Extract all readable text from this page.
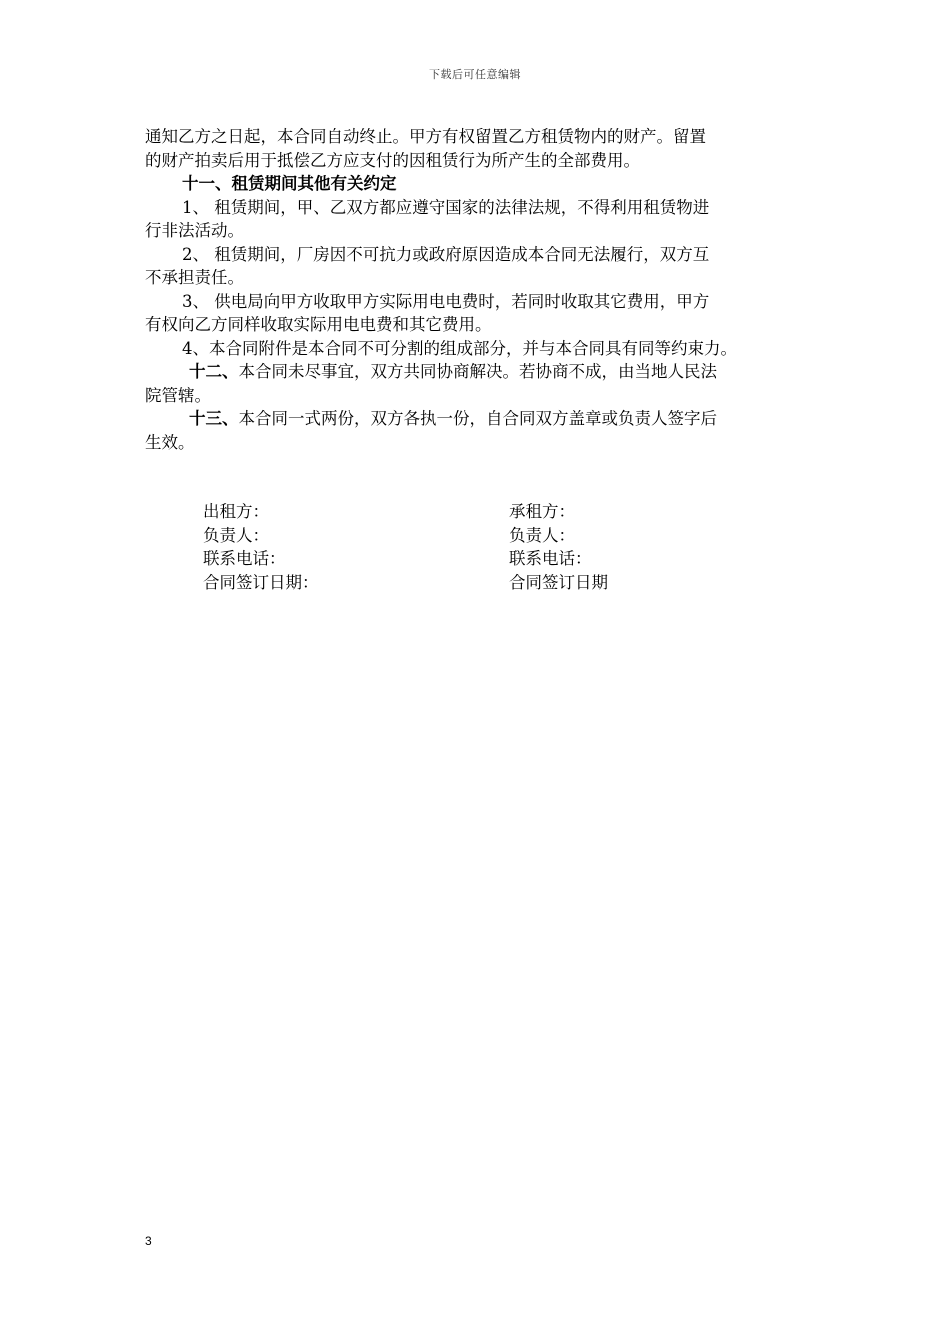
下载后可任意编辑

通知乙方之日起，本合同自动终止。甲方有权留置乙方租赁物内的财产。留置

的财产拍卖后用于抵偿乙方应支付的因租赁行为所产生的全部费用。

十一、租赁期间其他有关约定

1、 租赁期间，甲、乙双方都应遵守国家的法律法规，不得利用租赁物进

行非法活动。

2、 租赁期间，厂房因不可抗力或政府原因造成本合同无法履行，双方互

不承担责任。

3、 供电局向甲方收取甲方实际用电电费时，若同时收取其它费用，甲方

有权向乙方同样收取实际用电电费和其它费用。

4、本合同附件是本合同不可分割的组成部分，并与本合同具有同等约束力。

十二、本合同未尽事宜，双方共同协商解决。若协商不成，由当地人民法

院管辖。

十三、本合同一式两份，双方各执一份，自合同双方盖章或负责人签字后

生效。

出租方：
负责人：
联系电话：
合同签订日期：
承租方：
负责人：
联系电话：
合同签订日期
3
